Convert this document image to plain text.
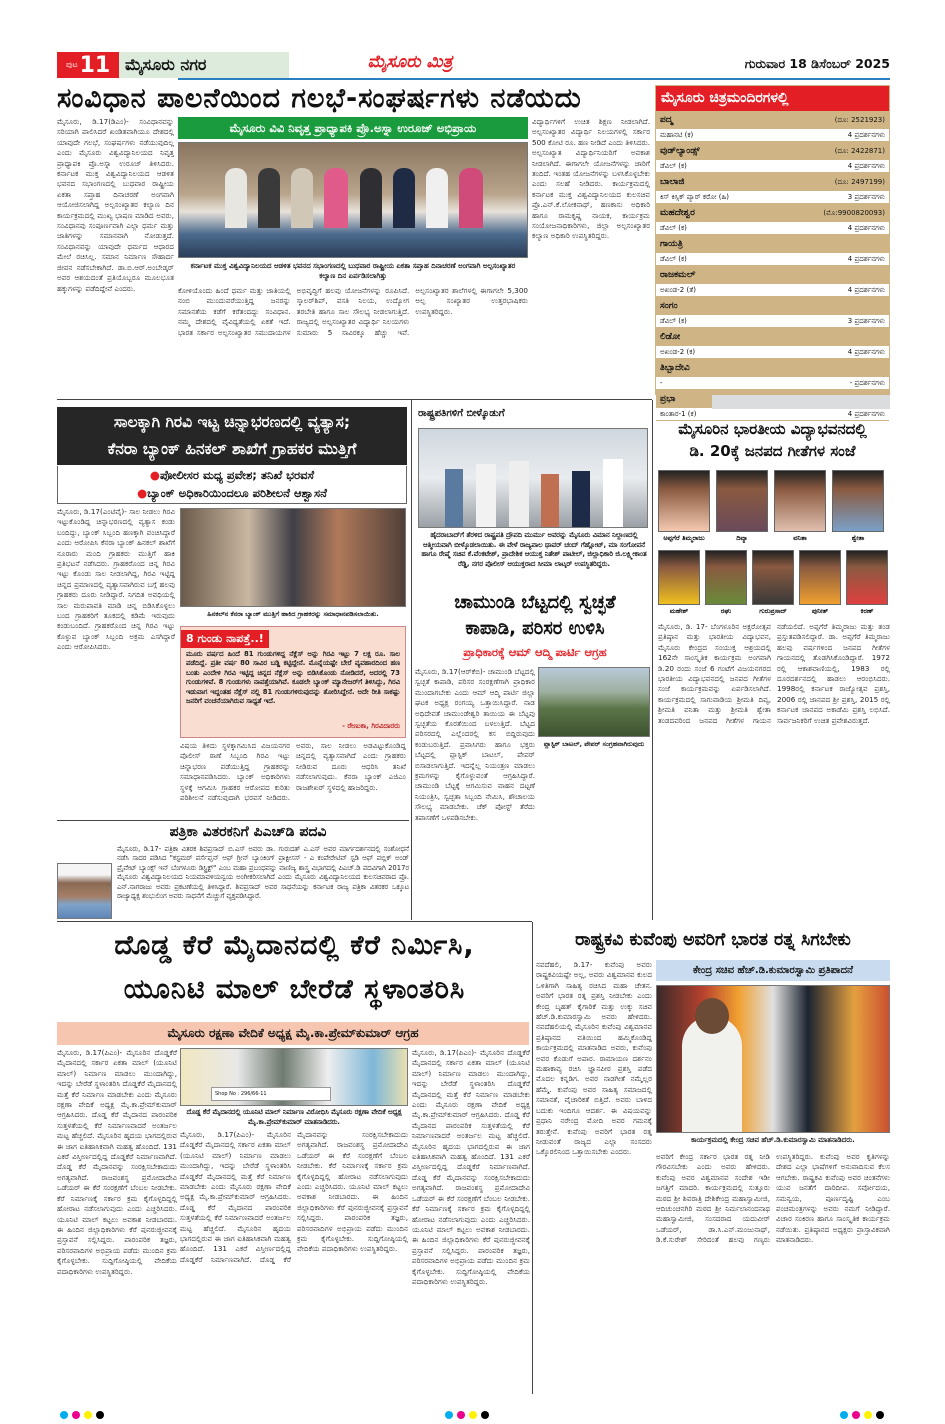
ಪುಟ 11 ಮೈಸೂರು ನಗರ	ಮೈಸೂರು ಮಿತ್ರ	ಗುರುವಾರ 18 ಡಿಸೆಂಬರ್ 2025
ಸಂವಿಧಾನ ಪಾಲನೆಯಿಂದ ಗಲಭೆ-ಸಂಘರ್ಷಗಳು ನಡೆಯದು
ಮೈಸೂರು ವಿವಿ ನಿವೃತ್ತ ಪ್ರಾಧ್ಯಾಪಕಿ ಪ್ರೊ.ಅಸ್ನಾ ಉರೂಜ್ ಅಭಿಪ್ರಾಯ
ಮೈಸೂರು, ಡಿ.17(ಡಿಎಂ)- ಸಂವಿಧಾನವನ್ನು ಸರಿಯಾಗಿ ಪಾಲಿಸಿದರೆ ಖಂಡಿತವಾಗಿಯೂ ದೇಶದಲ್ಲಿ ಯಾವುದೇ ಗಲಭೆ, ಸಂಘರ್ಷಗಳು ನಡೆಯುವುದಿಲ್ಲ ಎಂದು ಮೈಸೂರು ವಿಶ್ವವಿದ್ಯಾನಿಲಯದ ನಿವೃತ್ತ ಪ್ರಾಧ್ಯಾಪಕಿ ಪ್ರೊ.ಅಸ್ನಾ ಉರೂಜ್ ತಿಳಿಸಿದರು. ಕರ್ನಾಟಕ ಮುಕ್ತ ವಿಶ್ವವಿದ್ಯಾನಿಲಯದ ಆಡಳಿತ ಭವನದ ಸಭಾಂಗಣದಲ್ಲಿ ಬುಧವಾರ ರಾಷ್ಟ್ರೀಯ ಏಕತಾ ಸಪ್ತಾಹ ದಿನಾಚರಣೆ ಅಂಗವಾಗಿ ಆಯೋಜಿಸಲಾಗಿದ್ದ ಅಲ್ಪಸಂಖ್ಯಾತರ ಕಲ್ಯಾಣ ದಿನ ಕಾರ್ಯಕ್ರಮದಲ್ಲಿ ಮುಖ್ಯ ಭಾಷಣ ಮಾಡಿದ ಅವರು, ಸಂವಿಧಾನವು ಸಂಪೂರ್ಣವಾಗಿ ಎಲ್ಲಾ ಧರ್ಮ ಮತ್ತು ಜಾತಿಗಳನ್ನು ಸಮಾನವಾಗಿ ನೋಡುತ್ತದೆ. ಸಂವಿಧಾನವನ್ನು ಯಾವುದೇ ಧರ್ಮದ ಆಧಾರದ ಮೇಲೆ ರಚಿಸಿಲ್ಲ. ಸಮಾನ ನಿರ್ಮಾಣ ಸೌಹಾರ್ದ ಜೀವನ ನಡೆಸಬೇಕಾಗಿದೆ. ಡಾ.ಬಿ.ಆರ್.ಅಂಬೇಡ್ಕರ್ ಅವರ ಆಶಯದಂತೆ ಪ್ರತಿಯೊಬ್ಬರೂ ಮೂಲಭೂತ ಹಕ್ಕುಗಳನ್ನು ಪಡೆದಿದ್ದೇವೆ ಎಂದರು.
ಕರ್ನಾಟಕ ಮುಕ್ತ ವಿಶ್ವವಿದ್ಯಾನಿಲಯದ ಆಡಳಿತ ಭವನದ ಸಭಾಂಗಣದಲ್ಲಿ ಬುಧವಾರ ರಾಷ್ಟ್ರೀಯ ಏಕತಾ ಸಪ್ತಾಹ ದಿನಾಚರಣೆ ಅಂಗವಾಗಿ ಅಲ್ಪಸಂಖ್ಯಾತರ ಕಲ್ಯಾಣ ದಿನ ಏರ್ಪಡಿಸಲಾಗಿತ್ತು
ವಿದ್ಯಾರ್ಥಿಗಳಿಗೆ ಉಚಿತ ಶಿಕ್ಷಣ ನೀಡಲಾಗಿದೆ. ಅಲ್ಪಸಂಖ್ಯಾತರ ವಿದ್ಯಾರ್ಥಿ ನಿಲಯಗಳಲ್ಲಿ ಸರ್ಕಾರ 500 ಕೋಟಿ ರೂ. ಹಣ ನೀಡಿದೆ ಎಂದು ತಿಳಿಸಿದರು. ಅಲ್ಪಸಂಖ್ಯಾತ ವಿದ್ಯಾರ್ಥಿನಿಯರಿಗೆ ಅವಕಾಶ ನೀಡಲಾಗಿದೆ. ಈಗಾಗಲೇ ಯೋಜನೆಗಳನ್ನು ಜಾರಿಗೆ ತಂದಿದೆ. ಇಂತಹ ಯೋಜನೆಗಳನ್ನು ಬಳಸಿಕೊಳ್ಳಬೇಕು ಎಂದು ಸಲಹೆ ನೀಡಿದರು. ಕಾರ್ಯಕ್ರಮದಲ್ಲಿ ಕರ್ನಾಟಕ ಮುಕ್ತ ವಿಶ್ವವಿದ್ಯಾನಿಲಯದ ಕುಲಸಚಿವ ಪ್ರೊ.ಎನ್.ಕೆ.ಲೋಕನಾಥ್, ಹಣಕಾಸು ಅಧಿಕಾರಿ ಹಾಗೂ ರಾಮಕೃಷ್ಣ ನಾಯಕ, ಕಾರ್ಯಕ್ರಮ ಸಂಯೋಜನಾಧಿಕಾರಿಗಳು, ಜಿಲ್ಲಾ ಅಲ್ಪಸಂಖ್ಯಾತರ ಕಲ್ಯಾಣ ಅಧಿಕಾರಿ ಉಪಸ್ಥಿತರಿದ್ದರು.
ಕೋಳಿಯೊಂದು ಹಿಂದೆ ಧರ್ಮ ಮತ್ತು ಜಾತಿಯಲ್ಲಿ ನಂಬಿ ಮುಂದುವರೆಯುತ್ತಿದ್ದ ಜನರನ್ನು ಸಮಾನತೆಯ ಕಡೆಗೆ ಕರೆತಂದದ್ದು ಸಂವಿಧಾನ. ನಮ್ಮ ದೇಶದಲ್ಲಿ ವೈವಿಧ್ಯತೆಯಲ್ಲಿ ಏಕತೆ ಇದೆ. ಭಾರತ ಸರ್ಕಾರ ಅಲ್ಪಸಂಖ್ಯಾತರ ಸಮುದಾಯಗಳ ಅಭಿವೃದ್ಧಿಗೆ ಹಲವು ಯೋಜನೆಗಳನ್ನು ರೂಪಿಸಿದೆ. ಸ್ಕಾಲರ್‌ಶಿಪ್, ವಸತಿ ನಿಲಯ, ಉದ್ಯೋಗ ತರಬೇತಿ ಹಾಗೂ ಸಾಲ ಸೌಲಭ್ಯ ನೀಡಲಾಗುತ್ತಿದೆ. ರಾಜ್ಯದಲ್ಲಿ ಅಲ್ಪಸಂಖ್ಯಾತರ ವಿದ್ಯಾರ್ಥಿ ನಿಲಯಗಳು ಸುಮಾರು 5 ಸಾವಿರಕ್ಕೂ ಹೆಚ್ಚು ಇವೆ. ಅಲ್ಪಸಂಖ್ಯಾತರ ಶಾಲೆಗಳಲ್ಲಿ ಈಗಾಗಲೇ 5,300 ಅಲ್ಪ ಸಂಖ್ಯಾತರ ಉತ್ತರಭಾಷಿಕರು ಉಪಸ್ಥಿತರಿದ್ದರು.
ಮೈಸೂರು ಚಿತ್ರಮಂದಿರಗಳಲ್ಲಿ
ಪದ್ಮ	(ದೂ: 2521923)
ಮಹಾನಟಿ (ಕ)	4 ಪ್ರದರ್ಶನಗಳು
ವುಡ್‌ಲ್ಯಾಂಡ್ಸ್	(ದೂ: 2422871)
ಡೆವಿಲ್ (ಕ)	4 ಪ್ರದರ್ಶನಗಳು
ಬಾಲಾಜಿ	(ದೂ: 2497199)
ಕಿಸ್ ಕಿಸ್ಸಿಕ್ ಪ್ಯಾರ್ ಕರೋ (ಹಿ)	3 ಪ್ರದರ್ಶನಗಳು
ಮಹದೇಶ್ವರ	(ಮೊ:9900820093)
ಡೆವಿಲ್ (ಕ)	4 ಪ್ರದರ್ಶನಗಳು
ಗಾಯತ್ರಿ
ಡೆವಿಲ್ (ಕ)	4 ಪ್ರದರ್ಶನಗಳು
ರಾಜಕಮಲ್
ಅಖಂಡ-2 (ತೆ)	4 ಪ್ರದರ್ಶನಗಳು
ಸಂಗಂ
ಡೆವಿಲ್ (ಕ)	3 ಪ್ರದರ್ಶನಗಳು
ಲಿಡೋ
ಅಖಂಡ-2 (ಕ)	4 ಪ್ರದರ್ಶನಗಳು
ತಿಬ್ಬಾದೇವಿ
-	- ಪ್ರದರ್ಶನಗಳು
ಪ್ರಭಾ
ಕಾಂತಾರ-1 (ಕ)	4 ಪ್ರದರ್ಶನಗಳು
ಸಾಲಕ್ಕಾಗಿ ಗಿರವಿ ಇಟ್ಟ ಚಿನ್ನಾಭರಣದಲ್ಲಿ ವ್ಯತ್ಯಾಸ;
ಕೆನರಾ ಬ್ಯಾಂಕ್ ಹಿನಕಲ್ ಶಾಖೆಗೆ ಗ್ರಾಹಕರ ಮುತ್ತಿಗೆ
●ಪೋಲೀಸರ ಮಧ್ಯ ಪ್ರವೇಶ; ತನಿಖೆ ಭರವಸೆ
●ಬ್ಯಾಂಕ್ ಅಧಿಕಾರಿಯಿಂದಲೂ ಪರಿಶೀಲನೆ ಆಶ್ವಾಸನೆ
ಮೈಸೂರು, ಡಿ.17(ಎಂಟಿವೈ)- ಸಾಲ ನೀಡಲು ಗಿರವಿ ಇಟ್ಟುಕೊಂಡಿದ್ದ ಚಿನ್ನಾಭರಣದಲ್ಲಿ ವ್ಯತ್ಯಾಸ ಕಂಡು ಬಂದಿದ್ದು, ಬ್ಯಾಂಕ್ ಸಿಬ್ಬಂದಿ ಹಣಕ್ಕಾಗಿ ವಂಚಿಸಿದ್ದಾರೆ ಎಂದು ಆರೋಪಿಸಿ ಕೆನರಾ ಬ್ಯಾಂಕ್ ಹಿನಕಲ್ ಶಾಖೆಗೆ ನೂರಾರು ಮಂದಿ ಗ್ರಾಹಕರು ಮುತ್ತಿಗೆ ಹಾಕಿ ಪ್ರತಿಭಟನೆ ನಡೆಸಿದರು. ಗ್ರಾಹಕರೊಂದ ಚಿನ್ನ ಗಿರವಿ ಇಟ್ಟು ಕೊಂಡು ಸಾಲ ನೀಡಲಾಗಿದ್ದ, ಗಿರವಿ ಇಟ್ಟಿದ್ದ ಚಿನ್ನದ ಪ್ರಮಾಣದಲ್ಲಿ ವ್ಯತ್ಯಾಸವಾಗಿರುವ ಬಗ್ಗೆ ಹಲವು ಗ್ರಾಹಕರು ದೂರು ನೀಡಿದ್ದಾರೆ. ನಿಗದಿತ ಅವಧಿಯಲ್ಲಿ ಸಾಲ ಮರುಪಾವತಿ ಮಾಡಿ ಚಿನ್ನ ಬಿಡಿಸಿಕೊಳ್ಳಲು ಬಂದ ಗ್ರಾಹಕರಿಗೆ ತೂಕದಲ್ಲಿ ಕಡಿಮೆ ಇರುವುದು ಕಂಡುಬಂದಿದೆ. ಗ್ರಾಹಕರೊಂದ ಚಿನ್ನ ಗಿರವಿ ಇಟ್ಟು ಕೊಳ್ಳುವ ಬ್ಯಾಂಕ್ ಸಿಬ್ಬಂದಿ ಅಕ್ರಮ ಎಸಗಿದ್ದಾರೆ ಎಂದು ಆರೋಪಿಸಿದರು.
ಹಿನಕಲ್‌ನ ಕೆನರಾ ಬ್ಯಾಂಕ್ ಮುತ್ತಿಗೆ ಹಾಕಿದ ಗ್ರಾಹಕರನ್ನು ಸಮಾಧಾನಪಡಿಸಲಾಯಿತು.
8 ಗುಂಡು ನಾಪತ್ತೆ..!
ಮೂರು ವರ್ಷದ ಹಿಂದೆ 81 ಗುಂಡುಗಳಿದ್ದ ನೆಕ್ಲೆಸ್ ಅನ್ನು ಗಿರವಿ ಇಟ್ಟು 7 ಲಕ್ಷ ರೂ. ಸಾಲ ಪಡೆದಿದ್ದೆ. ಪ್ರತೀ ವರ್ಷ 80 ಸಾವಿರ ಬಡ್ಡಿ ಕಟ್ಟಿದ್ದೇನೆ. ಮೊನ್ನೆಯಷ್ಟೇ ಬೇರೆ ವ್ಯವಹಾರದಿಂದ ಹಣ ಬಂತು ಎಂದೇಳಿ ಗಿರವಿ ಇಟ್ಟಿದ್ದ ಚಿನ್ನದ ನೆಕ್ಲೆಸ್ ಅನ್ನು ಬಿಡಿಸಿಕೊಂಡು ನೋಡಿದರೆ, ಅದರಲ್ಲಿ 73 ಗುಂಡುಗಳಿವೆ. 8 ಗುಂಡುಗಳು ನಾಪತ್ತೆಯಾಗಿವೆ. ಕೂಡಲೇ ಬ್ಯಾಂಕ್ ಮ್ಯಾನೇಜರ್‌ಗೆ ತಿಳಿಸಿದ್ದು, ಗಿರವಿ ಇಡುವಾಗ ಇದ್ದಂತಹ ನೆಕ್ಲೆಸ್ ನಲ್ಲಿ 81 ಗುಂಡುಗಳಿರುವುದನ್ನು ತೋರಿಸಿದ್ದೇನೆ. ಅದೇ ರೀತಿ ಸಾಕಷ್ಟು ಜನರಿಗೆ ವಂಚನೆಯಾಗಿರುವ ಸಾಧ್ಯತೆ ಇದೆ.
- ರೇಣುಕಾ, ಗಿರವಿದಾರರು
ವಿಷಯ ತಿಳಿದು ಸ್ಥಳಕ್ಕಾಗಮಿಸಿದ ವಿಜಯನಗರ ಪೊಲೀಸ್ ಠಾಣೆ ಸಿಬ್ಬಂದಿ ಗಿರವಿ ಇಟ್ಟು ಚಿನ್ನಾಭರಣ ಪಡೆಯುತ್ತಿದ್ದ ಗ್ರಾಹಕರನ್ನು ಸಮಾಧಾನಪಡಿಸಿದರು. ಬ್ಯಾಂಕ್ ಅಧಿಕಾರಿಗಳು ಸ್ಥಳಕ್ಕೆ ಆಗಮಿಸಿ ಗ್ರಾಹಕರ ಆರೋಪದ ಕುರಿತು ಪರಿಶೀಲನೆ ನಡೆಸುವುದಾಗಿ ಭರವಸೆ ನೀಡಿದರು. ಅವರು, ಸಾಲ ನೀಡಲು ಅಡವಿಟ್ಟುಕೊಂಡಿದ್ದ ಚಿನ್ನದಲ್ಲಿ ವ್ಯತ್ಯಾಸವಾಗಿದೆ ಎಂದು ಗ್ರಾಹಕರು ನೀಡಿರುವ ದೂರು ಆಧರಿಸಿ ತನಿಖೆ ನಡೆಸಲಾಗುವುದು. ಕೆನರಾ ಬ್ಯಾಂಕ್ ಎಜಿಎಂ ರಾಜಶೇಖರ್ ಸ್ಥಳದಲ್ಲಿ ಹಾಜರಿದ್ದರು.
ರಾಷ್ಟ್ರಪತಿಗಳಿಗೆ ಬೀಳ್ಕೊಡುಗೆ
ಹೈದರಾಬಾದ್‌ಗೆ ತೆರಳಿದ ರಾಷ್ಟ್ರಪತಿ ದ್ರೌಪದಿ ಮುರ್ಮು ಅವರನ್ನು ಮೈಸೂರು ವಿಮಾನ ನಿಲ್ದಾಣದಲ್ಲಿ ಆತ್ಮೀಯವಾಗಿ ಬೀಳ್ಕೊಡಲಾಯಿತು. ಈ ವೇಳೆ ರಾಜ್ಯಪಾಲ ಥಾವರ್ ಚಂದ್ ಗೆಹ್ಲೋಟ್, ಮಾ ಸಂಗೋಪನೆ ಹಾಗೂ ರೇಷ್ಮೆ ಸಚಿವ ಕೆ.ವೆಂಕಟೇಶ್, ಪ್ರಾದೇಶಿಕ ಆಯುಕ್ತ ನಿತೇಶ್ ಪಾಟೀಲ್, ಜಿಲ್ಲಾಧಿಕಾರಿ ಜಿ.ಲಕ್ಷ್ಮೀಕಾಂತ ರೆಡ್ಡಿ, ನಗರ ಪೊಲೀಸ್ ಆಯುಕ್ತರಾದ ಸೀಮಾ ಲಾಟ್ಕರ್ ಉಪಸ್ಥಿತರಿದ್ದರು.
ಚಾಮುಂಡಿ ಬೆಟ್ಟದಲ್ಲಿ ಸ್ವಚ್ಛತೆ
ಕಾಪಾಡಿ, ಪರಿಸರ ಉಳಿಸಿ
ಪ್ರಾಧಿಕಾರಕ್ಕೆ ಆಮ್ ಆದ್ಮಿ ಪಾರ್ಟಿ ಆಗ್ರಹ
ಪ್ಲಾಸ್ಟಿಕ್ ಬಾಟಲ್, ಪೇಪರ್ ಸಂಗ್ರಹವಾಗಿರುವುದು
ಮೈಸೂರು, ಡಿ.17(ಆರ್‌ಕೆಬಿ)- ಚಾಮುಂಡಿ ಬೆಟ್ಟದಲ್ಲಿ ಸ್ವಚ್ಛತೆ ಕಾಪಾಡಿ, ಪರಿಸರ ಸಂರಕ್ಷಣೆಗಾಗಿ ಪ್ರಾಧಿಕಾರ ಮುಂದಾಗಬೇಕು ಎಂದು ಆಮ್ ಆದ್ಮಿ ಪಾರ್ಟಿ ಜಿಲ್ಲಾ ಘಟಕ ಅಧ್ಯಕ್ಷ ರಂಗಯ್ಯ ಒತ್ತಾಯಿಸಿದ್ದಾರೆ. ನಾಡ ಅಧಿದೇವತೆ ಚಾಮುಂಡೇಶ್ವರಿ ತಾಯಿಯ ಈ ಬೆಟ್ಟವು ಸ್ವಚ್ಛತೆಯ ಕೊರತೆಯಿಂದ ಬಳಲುತ್ತಿದೆ. ಬೆಟ್ಟದ ಪರಿಸರದಲ್ಲಿ ಎಲ್ಲೆಂದರಲ್ಲಿ ಕಸ ಬಿದ್ದಿರುವುದು ಕಂಡುಬರುತ್ತಿದೆ. ಪ್ರವಾಸಿಗರು ಹಾಗೂ ಭಕ್ತರು ಬೆಟ್ಟದಲ್ಲಿ ಪ್ಲಾಸ್ಟಿಕ್ ಬಾಟಲ್, ಪೇಪರ್ ಬಿಸಾಡಲಾಗುತ್ತಿದೆ. ಇದನ್ನೆಲ್ಲ ನಿಯಂತ್ರಣ ಮಾಡಲು ಕ್ರಮಗಳನ್ನು ಕೈಗೊಳ್ಳುವಂತೆ ಆಗ್ರಹಿಸಿದ್ದಾರೆ. ಚಾಮುಂಡಿ ಬೆಟ್ಟಕ್ಕೆ ಆಗಮಿಸುವ ವಾಹನ ದಟ್ಟಣೆ ನಿಯಂತ್ರಿಸಿ, ಸ್ವಚ್ಛತಾ ಸಿಬ್ಬಂದಿ ನೇಮಿಸಿ, ಶೌಚಾಲಯ ಸೌಲಭ್ಯ ಮಾಡಬೇಕು. ಚೆಕ್ ಪೋಸ್ಟ್ ತೆರೆದು ತಪಾಸಣೆಗೆ ಒಳಪಡಿಸಬೇಕು.
ಮೈಸೂರಿನ ಭಾರತೀಯ ವಿದ್ಯಾಭವನದಲ್ಲಿ
ಡಿ. 20ಕ್ಕೆ ಜನಪದ ಗೀತೆಗಳ ಸಂಜೆ
ಅಪ್ಪಗೆರೆ ತಿಮ್ಮರಾಜು	ದಿವ್ಯಾ	ವನಿತಾ	ಶ್ವೇತಾ
ಮಹೇಶ್	ರಘು	ಗುರುಪ್ರಸಾದ್	ಪುನೀತ್	ಕಿರಣ್
ಮೈಸೂರು, ಡಿ. 17- ಬೆಂಗಳೂರಿನ ಅಕ್ಷರೋತ್ಸವ ಪ್ರತಿಷ್ಠಾನ ಮತ್ತು ಭಾರತೀಯ ವಿದ್ಯಾಭವನ, ಮೈಸೂರು ಕೇಂದ್ರದ ಸಂಯುಕ್ತ ಆಶ್ರಯದಲ್ಲಿ 162ನೇ ಸಾಂಸ್ಕೃತಿಕ ಕಾರ್ಯಕ್ರಮ ಅಂಗವಾಗಿ ಡಿ.20 ರಂದು ಸಂಜೆ 6 ಗಂಟೆಗೆ ವಿಜಯನಗರದ ಭಾರತೀಯ ವಿದ್ಯಾಭವನದಲ್ಲಿ ಜನಪದ ಗೀತೆಗಳ ಸಂಜೆ ಕಾರ್ಯಕ್ರಮವನ್ನು ಏರ್ಪಡಿಸಲಾಗಿದೆ. ಕಾರ್ಯಕ್ರಮದಲ್ಲಿ ಸಾಗುವಾಡಿಯ ಶ್ರೀಮತಿ ದಿವ್ಯ, ಶ್ರೀಮತಿ ವನಿತಾ ಮತ್ತು ಶ್ರೀಮತಿ ಶ್ವೇತಾ ತಂಡದವರಿಂದ ಜನಪದ ಗೀತೆಗಳ ಗಾಯನ ನಡೆಯಲಿದೆ. ಅಪ್ಪಗೆರೆ ತಿಮ್ಮರಾಜು ಮತ್ತು ತಂಡ ಪ್ರಸ್ತುತಪಡಿಸಲಿದ್ದಾರೆ. ಡಾ. ಅಪ್ಪಗೆರೆ ತಿಮ್ಮರಾಜು ಹಲವು ವರ್ಷಗಳಿಂದ ಜನಪದ ಗೀತೆಗಳ ಗಾಯನದಲ್ಲಿ ತೊಡಗಿಸಿಕೊಂಡಿದ್ದಾರೆ. 1972 ರಲ್ಲಿ ಆಕಾಶವಾಣಿಯಲ್ಲಿ, 1983 ರಲ್ಲಿ ದೂರದರ್ಶನದಲ್ಲಿ ಹಾಡಲು ಆರಂಭಿಸಿದರು. 1998ರಲ್ಲಿ ಕರ್ನಾಟಕ ರಾಜ್ಯೋತ್ಸವ ಪ್ರಶಸ್ತಿ, 2006 ರಲ್ಲಿ ಜಾನಪದ ಶ್ರೀ ಪ್ರಶಸ್ತಿ, 2015 ರಲ್ಲಿ ಕರ್ನಾಟಕ ಜಾನಪದ ಅಕಾಡೆಮಿ ಪ್ರಶಸ್ತಿ ಲಭಿಸಿದೆ. ಸಾರ್ವಜನಿಕರಿಗೆ ಉಚಿತ ಪ್ರವೇಶವಿರುತ್ತದೆ.
ಪತ್ರಿಕಾ ವಿತರಕನಿಗೆ ಪಿಎಚ್‌ಡಿ ಪದವಿ
ಮೈಸೂರು, ಡಿ.17- ಪತ್ರಿಕಾ ವಿತರಕ ಶಿವಪ್ರಸಾದ್ ಬಿ.ಎಸ್ ಅವರು ಡಾ. ಗುರುದತ್ ಎ.ಎಸ್ ಅವರ ಮಾರ್ಗದರ್ಶನದಲ್ಲಿ ಸಂಶೋಧನೆ ನಡೆಸಿ ಸಾದರ ಪಡಿಸಿದ "ಕಸ್ಟಮರ್ ಪರ್ಸೆಪ್ಷನ್ ಆಫ್ ಗ್ರೀನ್ ಬ್ಯಾಂಕಿಂಗ್ ಪ್ರಾಕ್ಟೀಸಸ್ - ಎ ಕಂಪೇರೇಟಿವ್ ಸ್ಟಡಿ ಆಫ್ ಪಬ್ಲಿಕ್ ಅಂಡ್ ಪ್ರೈವೇಟ್ ಬ್ಯಾಂಕ್ಸ್ ಇನ್ ಬೆಂಗಳೂರು ಡಿಸ್ಟ್ರಿಕ್ಟ್" ಎಂಬ ಮಹಾ ಪ್ರಬಂಧವನ್ನು ವಾಣಿಜ್ಯ ಶಾಸ್ತ್ರ ವಿಭಾಗದಲ್ಲಿ ಪಿಎಚ್.ಡಿ ಪದವಿಗಾಗಿ 2017ರ ಮೈಸೂರು ವಿಶ್ವವಿದ್ಯಾನಿಲಯದ ನಿಯಮಾವಳಿಯನ್ವಯ ಅಂಗೀಕರಿಸಲಾಗಿದೆ ಎಂದು ಮೈಸೂರು ವಿಶ್ವವಿದ್ಯಾನಿಲಯದ ಕುಲಸಚಿವರಾದ ಪ್ರೊ. ಎನ್.ನಾಗರಾಜು ಅವರು ಪ್ರಕಟಣೆಯಲ್ಲಿ ತಿಳಿಸಿದ್ದಾರೆ. ಶಿವಪ್ರಸಾದ್ ಅವರ ಸಾಧನೆಯನ್ನು ಕರ್ನಾಟಕ ರಾಜ್ಯ ಪತ್ರಿಕಾ ವಿತರಕರ ಒಕ್ಕೂಟ ರಾಜ್ಯಾಧ್ಯಕ್ಷ ಶಂಭುಲಿಂಗ ಅವರು ಸಾಧನೆಗೆ ಮೆಚ್ಚುಗೆ ವ್ಯಕ್ತಪಡಿಸಿದ್ದಾರೆ.
ದೊಡ್ಡ ಕೆರೆ ಮೈದಾನದಲ್ಲಿ ಕೆರೆ ನಿರ್ಮಿಸಿ,
ಯೂನಿಟಿ ಮಾಲ್ ಬೇರೆಡೆ ಸ್ಥಳಾಂತರಿಸಿ
ಮೈಸೂರು ರಕ್ಷಣಾ ವೇದಿಕೆ ಅಧ್ಯಕ್ಷ ಮೈ.ಕಾ.ಪ್ರೇಮ್‌ಕುಮಾರ್ ಆಗ್ರಹ
ಮೈಸೂರು, ಡಿ.17(ಪಿಎಂ)- ಮೈಸೂರಿನ ದೊಡ್ಡಕೆರೆ ಮೈದಾನದಲ್ಲಿ ಸರ್ಕಾರ ಏಕತಾ ಮಾಲ್ (ಯೂನಿಟಿ ಮಾಲ್) ನಿರ್ಮಾಣ ಮಾಡಲು ಮುಂದಾಗಿದ್ದು, ಇದನ್ನು ಬೇರೆಡೆ ಸ್ಥಳಾಂತರಿಸಿ ದೊಡ್ಡಕೆರೆ ಮೈದಾನದಲ್ಲಿ ಮತ್ತೆ ಕೆರೆ ನಿರ್ಮಾಣ ಮಾಡಬೇಕು ಎಂದು ಮೈಸೂರು ರಕ್ಷಣಾ ವೇದಿಕೆ ಅಧ್ಯಕ್ಷ ಮೈ.ಕಾ.ಪ್ರೇಮ್‌ಕುಮಾರ್ ಆಗ್ರಹಿಸಿದರು. ದೊಡ್ಡ ಕೆರೆ ಮೈದಾನದ ಪಾರಂಪರಿಕ ಸುತ್ತಳತೆಯಲ್ಲಿ ಕೆರೆ ನಿರ್ಮಾಣವಾದರೆ ಅಂತರ್ಜಲ ಮಟ್ಟ ಹೆಚ್ಚಲಿದೆ. ಮೈಸೂರಿನ ಹೃದಯ ಭಾಗದಲ್ಲಿರುವ ಈ ಜಾಗ ಐತಿಹಾಸಿಕವಾಗಿ ಮಹತ್ವ ಹೊಂದಿದೆ. 131 ಎಕರೆ ವಿಸ್ತೀರ್ಣದಲ್ಲಿದ್ದ ದೊಡ್ಡಕೆರೆ ನಿರ್ಮಾಣವಾಗಿದೆ. ದೊಡ್ಡ ಕೆರೆ ಮೈದಾನವನ್ನು ಸಂರಕ್ಷಿಸಬೇಕಾದುದು ಅಗತ್ಯವಾಗಿದೆ. ರಾಜವಂಶಸ್ಥ ಪ್ರಮೋದಾದೇವಿ ಒಡೆಯರ್ ಈ ಕೆರೆ ಸಂರಕ್ಷಣೆಗೆ ಬೆಂಬಲ ನೀಡಬೇಕು. ಕೆರೆ ನಿರ್ಮಾಣಕ್ಕೆ ಸರ್ಕಾರ ಕ್ರಮ ಕೈಗೊಳ್ಳದಿದ್ದಲ್ಲಿ ಹೋರಾಟ ನಡೆಸಲಾಗುವುದು ಎಂದು ಎಚ್ಚರಿಸಿದರು. ಯೂನಿಟಿ ಮಾಲ್ ಕಟ್ಟಲು ಅವಕಾಶ ನೀಡಬಾರದು. ಈ ಹಿಂದಿನ ಜಿಲ್ಲಾಧಿಕಾರಿಗಳು ಕೆರೆ ಪುನರುಜ್ಜೀವನಕ್ಕೆ ಪ್ರಸ್ತಾವನೆ ಸಲ್ಲಿಸಿದ್ದರು. ಪಾರಂಪರಿಕ ತಜ್ಞರು, ಪರಿಸರವಾದಿಗಳ ಅಭಿಪ್ರಾಯ ಪಡೆದು ಮುಂದಿನ ಕ್ರಮ ಕೈಗೊಳ್ಳಬೇಕು. ಸುದ್ದಿಗೋಷ್ಠಿಯಲ್ಲಿ ವೇದಿಕೆಯ ಪದಾಧಿಕಾರಿಗಳು ಉಪಸ್ಥಿತರಿದ್ದರು.
Shop No : 296/66-11
ದೊಡ್ಡ ಕೆರೆ ಮೈದಾನದಲ್ಲಿ ಯೂನಿಟಿ ಮಾಲ್ ನಿರ್ಮಾಣ ವಿರೋಧಿಸಿ ಮೈಸೂರು ರಕ್ಷಣಾ ವೇದಿಕೆ ಅಧ್ಯಕ್ಷ ಮೈ.ಕಾ.ಪ್ರೇಮ್‌ಕುಮಾರ್ ಮಾತನಾಡಿದರು.
ಮೈಸೂರು, ಡಿ.17(ಪಿಎಂ)- ಮೈಸೂರಿನ ದೊಡ್ಡಕೆರೆ ಮೈದಾನದಲ್ಲಿ ಸರ್ಕಾರ ಏಕತಾ ಮಾಲ್ (ಯೂನಿಟಿ ಮಾಲ್) ನಿರ್ಮಾಣ ಮಾಡಲು ಮುಂದಾಗಿದ್ದು, ಇದನ್ನು ಬೇರೆಡೆ ಸ್ಥಳಾಂತರಿಸಿ ದೊಡ್ಡಕೆರೆ ಮೈದಾನದಲ್ಲಿ ಮತ್ತೆ ಕೆರೆ ನಿರ್ಮಾಣ ಮಾಡಬೇಕು ಎಂದು ಮೈಸೂರು ರಕ್ಷಣಾ ವೇದಿಕೆ ಅಧ್ಯಕ್ಷ ಮೈ.ಕಾ.ಪ್ರೇಮ್‌ಕುಮಾರ್ ಆಗ್ರಹಿಸಿದರು. ದೊಡ್ಡ ಕೆರೆ ಮೈದಾನದ ಪಾರಂಪರಿಕ ಸುತ್ತಳತೆಯಲ್ಲಿ ಕೆರೆ ನಿರ್ಮಾಣವಾದರೆ ಅಂತರ್ಜಲ ಮಟ್ಟ ಹೆಚ್ಚಲಿದೆ. ಮೈಸೂರಿನ ಹೃದಯ ಭಾಗದಲ್ಲಿರುವ ಈ ಜಾಗ ಐತಿಹಾಸಿಕವಾಗಿ ಮಹತ್ವ ಹೊಂದಿದೆ. 131 ಎಕರೆ ವಿಸ್ತೀರ್ಣದಲ್ಲಿದ್ದ ದೊಡ್ಡಕೆರೆ ನಿರ್ಮಾಣವಾಗಿದೆ. ದೊಡ್ಡ ಕೆರೆ ಮೈದಾನವನ್ನು ಸಂರಕ್ಷಿಸಬೇಕಾದುದು ಅಗತ್ಯವಾಗಿದೆ. ರಾಜವಂಶಸ್ಥ ಪ್ರಮೋದಾದೇವಿ ಒಡೆಯರ್ ಈ ಕೆರೆ ಸಂರಕ್ಷಣೆಗೆ ಬೆಂಬಲ ನೀಡಬೇಕು. ಕೆರೆ ನಿರ್ಮಾಣಕ್ಕೆ ಸರ್ಕಾರ ಕ್ರಮ ಕೈಗೊಳ್ಳದಿದ್ದಲ್ಲಿ ಹೋರಾಟ ನಡೆಸಲಾಗುವುದು ಎಂದು ಎಚ್ಚರಿಸಿದರು. ಯೂನಿಟಿ ಮಾಲ್ ಕಟ್ಟಲು ಅವಕಾಶ ನೀಡಬಾರದು. ಈ ಹಿಂದಿನ ಜಿಲ್ಲಾಧಿಕಾರಿಗಳು ಕೆರೆ ಪುನರುಜ್ಜೀವನಕ್ಕೆ ಪ್ರಸ್ತಾವನೆ ಸಲ್ಲಿಸಿದ್ದರು. ಪಾರಂಪರಿಕ ತಜ್ಞರು, ಪರಿಸರವಾದಿಗಳ ಅಭಿಪ್ರಾಯ ಪಡೆದು ಮುಂದಿನ ಕ್ರಮ ಕೈಗೊಳ್ಳಬೇಕು. ಸುದ್ದಿಗೋಷ್ಠಿಯಲ್ಲಿ ವೇದಿಕೆಯ ಪದಾಧಿಕಾರಿಗಳು ಉಪಸ್ಥಿತರಿದ್ದರು.
ಮೈಸೂರು, ಡಿ.17(ಪಿಎಂ)- ಮೈಸೂರಿನ ದೊಡ್ಡಕೆರೆ ಮೈದಾನದಲ್ಲಿ ಸರ್ಕಾರ ಏಕತಾ ಮಾಲ್ (ಯೂನಿಟಿ ಮಾಲ್) ನಿರ್ಮಾಣ ಮಾಡಲು ಮುಂದಾಗಿದ್ದು, ಇದನ್ನು ಬೇರೆಡೆ ಸ್ಥಳಾಂತರಿಸಿ ದೊಡ್ಡಕೆರೆ ಮೈದಾನದಲ್ಲಿ ಮತ್ತೆ ಕೆರೆ ನಿರ್ಮಾಣ ಮಾಡಬೇಕು ಎಂದು ಮೈಸೂರು ರಕ್ಷಣಾ ವೇದಿಕೆ ಅಧ್ಯಕ್ಷ ಮೈ.ಕಾ.ಪ್ರೇಮ್‌ಕುಮಾರ್ ಆಗ್ರಹಿಸಿದರು. ದೊಡ್ಡ ಕೆರೆ ಮೈದಾನದ ಪಾರಂಪರಿಕ ಸುತ್ತಳತೆಯಲ್ಲಿ ಕೆರೆ ನಿರ್ಮಾಣವಾದರೆ ಅಂತರ್ಜಲ ಮಟ್ಟ ಹೆಚ್ಚಲಿದೆ. ಮೈಸೂರಿನ ಹೃದಯ ಭಾಗದಲ್ಲಿರುವ ಈ ಜಾಗ ಐತಿಹಾಸಿಕವಾಗಿ ಮಹತ್ವ ಹೊಂದಿದೆ. 131 ಎಕರೆ ವಿಸ್ತೀರ್ಣದಲ್ಲಿದ್ದ ದೊಡ್ಡಕೆರೆ ನಿರ್ಮಾಣವಾಗಿದೆ. ದೊಡ್ಡ ಕೆರೆ ಮೈದಾನವನ್ನು ಸಂರಕ್ಷಿಸಬೇಕಾದುದು ಅಗತ್ಯವಾಗಿದೆ. ರಾಜವಂಶಸ್ಥ ಪ್ರಮೋದಾದೇವಿ ಒಡೆಯರ್ ಈ ಕೆರೆ ಸಂರಕ್ಷಣೆಗೆ ಬೆಂಬಲ ನೀಡಬೇಕು. ಕೆರೆ ನಿರ್ಮಾಣಕ್ಕೆ ಸರ್ಕಾರ ಕ್ರಮ ಕೈಗೊಳ್ಳದಿದ್ದಲ್ಲಿ ಹೋರಾಟ ನಡೆಸಲಾಗುವುದು ಎಂದು ಎಚ್ಚರಿಸಿದರು. ಯೂನಿಟಿ ಮಾಲ್ ಕಟ್ಟಲು ಅವಕಾಶ ನೀಡಬಾರದು. ಈ ಹಿಂದಿನ ಜಿಲ್ಲಾಧಿಕಾರಿಗಳು ಕೆರೆ ಪುನರುಜ್ಜೀವನಕ್ಕೆ ಪ್ರಸ್ತಾವನೆ ಸಲ್ಲಿಸಿದ್ದರು. ಪಾರಂಪರಿಕ ತಜ್ಞರು, ಪರಿಸರವಾದಿಗಳ ಅಭಿಪ್ರಾಯ ಪಡೆದು ಮುಂದಿನ ಕ್ರಮ ಕೈಗೊಳ್ಳಬೇಕು. ಸುದ್ದಿಗೋಷ್ಠಿಯಲ್ಲಿ ವೇದಿಕೆಯ ಪದಾಧಿಕಾರಿಗಳು ಉಪಸ್ಥಿತರಿದ್ದರು.
ರಾಷ್ಟ್ರಕವಿ ಕುವೆಂಪು ಅವರಿಗೆ ಭಾರತ ರತ್ನ ಸಿಗಬೇಕು
ನವದೆಹಲಿ, ಡಿ.17- ಕುವೆಂಪು ಅವರು ರಾಷ್ಟ್ರಕವಿಯಷ್ಟೇ ಅಲ್ಲ, ಅವರು ವಿಶ್ವಮಾನವ ಕುಲದ ಒಳಿತಿಗಾಗಿ ಸಾಹಿತ್ಯ ರಚಿಸಿದ ಮಹಾ ಚೇತನ. ಅವರಿಗೆ ಭಾರತ ರತ್ನ ಪ್ರಶಸ್ತಿ ನೀಡಬೇಕು ಎಂದು ಕೇಂದ್ರ ಬೃಹತ್ ಕೈಗಾರಿಕೆ ಮತ್ತು ಉಕ್ಕು ಸಚಿವ ಹೆಚ್.ಡಿ.ಕುಮಾರಸ್ವಾಮಿ ಅವರು ಹೇಳಿದರು. ನವದೆಹಲಿಯಲ್ಲಿ ಮೈಸೂರಿನ ಕುವೆಂಪು ವಿಶ್ವಮಾನವ ಪ್ರತಿಷ್ಠಾನದ ವತಿಯಿಂದ ಹಮ್ಮಿಕೊಂಡಿದ್ದ ಕಾರ್ಯಕ್ರಮದಲ್ಲಿ ಮಾತನಾಡಿದ ಅವರು, ಕುವೆಂಪು ಅವರ ಕೊಡುಗೆ ಅಪಾರ. ರಾಮಾಯಣ ದರ್ಶನಂ ಮಹಾಕಾವ್ಯ ರಚಿಸಿ ಜ್ಞಾನಪೀಠ ಪ್ರಶಸ್ತಿ ಪಡೆದ ಮೊದಲ ಕನ್ನಡಿಗ. ಅವರ ನಾಡಗೀತೆ ನಮ್ಮೆಲ್ಲರ ಹೆಮ್ಮೆ. ಕುವೆಂಪು ಅವರ ಸಾಹಿತ್ಯ ಸಮಾಜದಲ್ಲಿ ಸಮಾನತೆ, ವೈಚಾರಿಕತೆ ಬಿತ್ತಿದೆ. ಅವರು ಬಾಳಿದ ಬದುಕು ಇಂದಿಗೂ ಆದರ್ಶ. ಈ ವಿಷಯವನ್ನು ಪ್ರಧಾನಿ ನರೇಂದ್ರ ಮೋದಿ ಅವರ ಗಮನಕ್ಕೆ ತರುತ್ತೇನೆ. ಕುವೆಂಪು ಅವರಿಗೆ ಭಾರತ ರತ್ನ ನೀಡುವಂತೆ ರಾಜ್ಯದ ಎಲ್ಲಾ ಸಂಸದರು ಒಕ್ಕೊರಲಿನಿಂದ ಒತ್ತಾಯಿಸಬೇಕು ಎಂದರು.
ಕೇಂದ್ರ ಸಚಿವ ಹೆಚ್.ಡಿ.ಕುಮಾರಸ್ವಾಮಿ ಪ್ರತಿಪಾದನೆ
ಕಾರ್ಯಕ್ರಮದಲ್ಲಿ ಕೇಂದ್ರ ಸಚಿವ ಹೆಚ್.ಡಿ.ಕುಮಾರಸ್ವಾಮಿ ಮಾತನಾಡಿದರು.
ಅವರಿಗೆ ಕೇಂದ್ರ ಸರ್ಕಾರ ಭಾರತ ರತ್ನ ನೀಡಿ ಗೌರವಿಸಬೇಕು ಎಂದು ಅವರು ಹೇಳಿದರು. ಕುವೆಂಪು ಅವರ ವಿಶ್ವಮಾನವ ಸಂದೇಶ ಇಡೀ ಜಗತ್ತಿಗೆ ಮಾದರಿ. ಕಾರ್ಯಕ್ರಮದಲ್ಲಿ ಸುತ್ತೂರು ಮಠದ ಶ್ರೀ ಶಿವರಾತ್ರಿ ದೇಶಿಕೇಂದ್ರ ಮಹಾಸ್ವಾಮೀಜಿ, ಆದಿಚುಂಚನಗಿರಿ ಮಠದ ಶ್ರೀ ನಿರ್ಮಲಾನಂದನಾಥ ಮಹಾಸ್ವಾಮೀಜಿ, ಸಂಸದರಾದ ಯದುವೀರ್ ಒಡೆಯರ್, ಡಾ.ಸಿ.ಎನ್.ಮಂಜುನಾಥ್, ಡಿ.ಕೆ.ಸುರೇಶ್ ಸೇರಿದಂತೆ ಹಲವು ಗಣ್ಯರು ಉಪಸ್ಥಿತರಿದ್ದರು. ಕುವೆಂಪು ಅವರ ಕೃತಿಗಳನ್ನು ದೇಶದ ಎಲ್ಲಾ ಭಾಷೆಗಳಿಗೆ ಅನುವಾದಿಸುವ ಕೆಲಸ ಆಗಬೇಕು. ರಾಷ್ಟ್ರಕವಿ ಕುವೆಂಪು ಅವರ ಚಿಂತನೆಗಳು ಯುವ ಜನತೆಗೆ ದಾರಿದೀಪ. ಸರ್ವೋದಯ, ಸಮನ್ವಯ, ಪೂರ್ಣದೃಷ್ಟಿ ಎಂಬ ಪಂಚಮಂತ್ರಗಳನ್ನು ಅವರು ನಮಗೆ ನೀಡಿದ್ದಾರೆ. ವಿಚಾರ ಸಂಕಿರಣ ಹಾಗೂ ಸಾಂಸ್ಕೃತಿಕ ಕಾರ್ಯಕ್ರಮ ನಡೆಯಿತು. ಪ್ರತಿಷ್ಠಾನದ ಅಧ್ಯಕ್ಷರು ಪ್ರಾಸ್ತಾವಿಕವಾಗಿ ಮಾತನಾಡಿದರು.
